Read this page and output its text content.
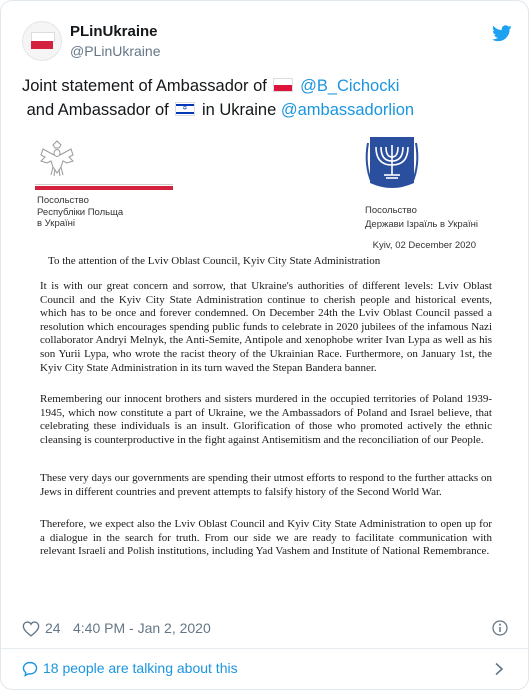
PLinUkraine
@PLinUkraine
Joint statement of Ambassador of @B_Cichocki
and Ambassador of ✡ in Ukraine @ambassadorlion
Посольство
Республіки Польща
в Україні
Посольство
Держави Ізраїль в Україні
Kyiv, 02 December 2020
To the attention of the Lviv Oblast Council, Kyiv City State Administration
It is with our great concern and sorrow, that Ukraine's authorities of different levels: Lviv Oblast Council and the Kyiv City State Administration continue to cherish people and historical events, which has to be once and forever condemned. On December 24th the Lviv Oblast Council passed a resolution which encourages spending public funds to celebrate in 2020 jubilees of the infamous Nazi collaborator Andryi Melnyk, the Anti-Semite, Antipole and xenophobe writer Ivan Lypa as well as his son Yurii Lypa, who wrote the racist theory of the Ukrainian Race. Furthermore, on January 1st, the Kyiv City State Administration in its turn waved the Stepan Bandera banner.
Remembering our innocent brothers and sisters murdered in the occupied territories of Poland 1939-1945, which now constitute a part of Ukraine, we the Ambassadors of Poland and Israel believe, that celebrating these individuals is an insult. Glorification of those who promoted actively the ethnic cleansing is counterproductive in the fight against Antisemitism and the reconciliation of our People.
These very days our governments are spending their utmost efforts to respond to the further attacks on Jews in different countries and prevent attempts to falsify history of the Second World War.
Therefore, we expect also the Lviv Oblast Council and Kyiv City State Administration to open up for a dialogue in the search for truth. From our side we are ready to facilitate communication with relevant Israeli and Polish institutions, including Yad Vashem and Institute of National Remembrance.
24 4:40 PM - Jan 2, 2020
18 people are talking about this
